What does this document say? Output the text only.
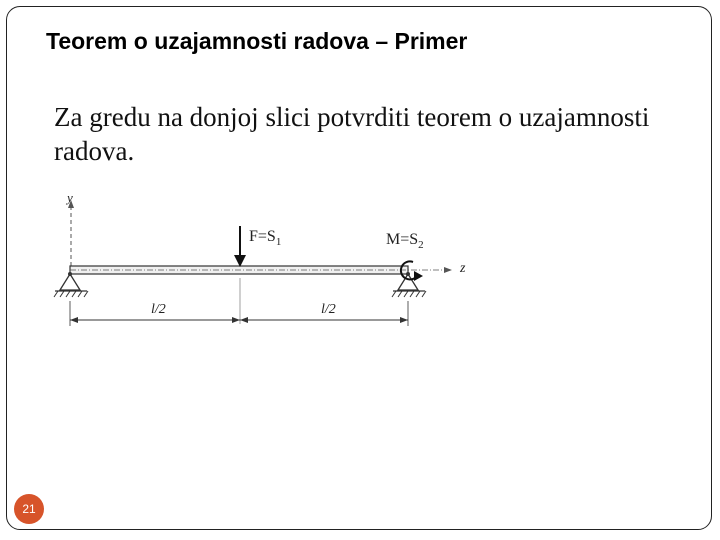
Teorem o uzajamnosti radova – Primer
Za gredu na donjoj slici potvrditi teorem o uzajamnosti radova.
y
z
$F=S_1$	$M=S_2$
l/2	l/2
21
